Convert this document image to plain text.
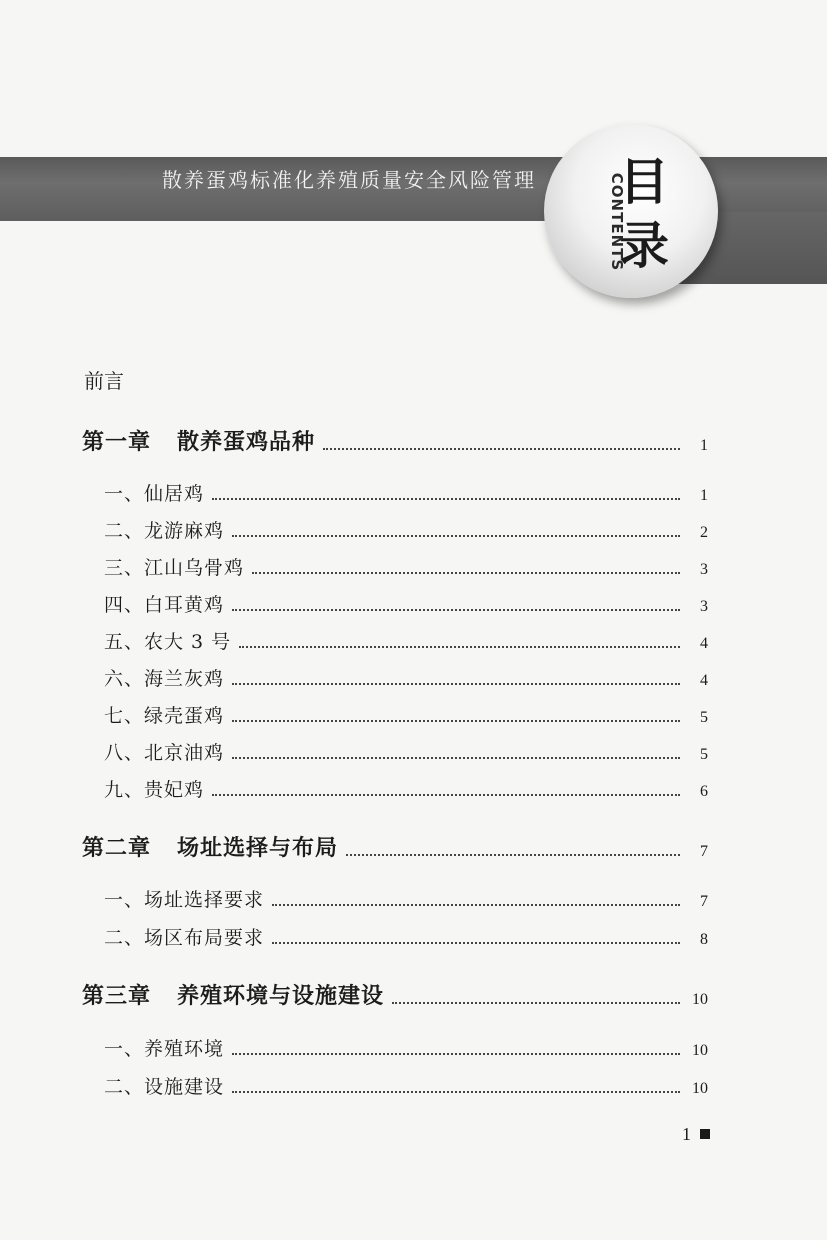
散养蛋鸡标准化养殖质量安全风险管理 目
录
CONTENTS
前言
第一章 散养蛋鸡品种	1
一、仙居鸡	1
二、龙游麻鸡	2
三、江山乌骨鸡	3
四、白耳黄鸡	3
五、农大 3 号	4
六、海兰灰鸡	4
七、绿壳蛋鸡	5
八、北京油鸡	5
九、贵妃鸡	6
第二章 场址选择与布局	7
一、场址选择要求	7
二、场区布局要求	8
第三章 养殖环境与设施建设	10
一、养殖环境	10
二、设施建设	10
1
